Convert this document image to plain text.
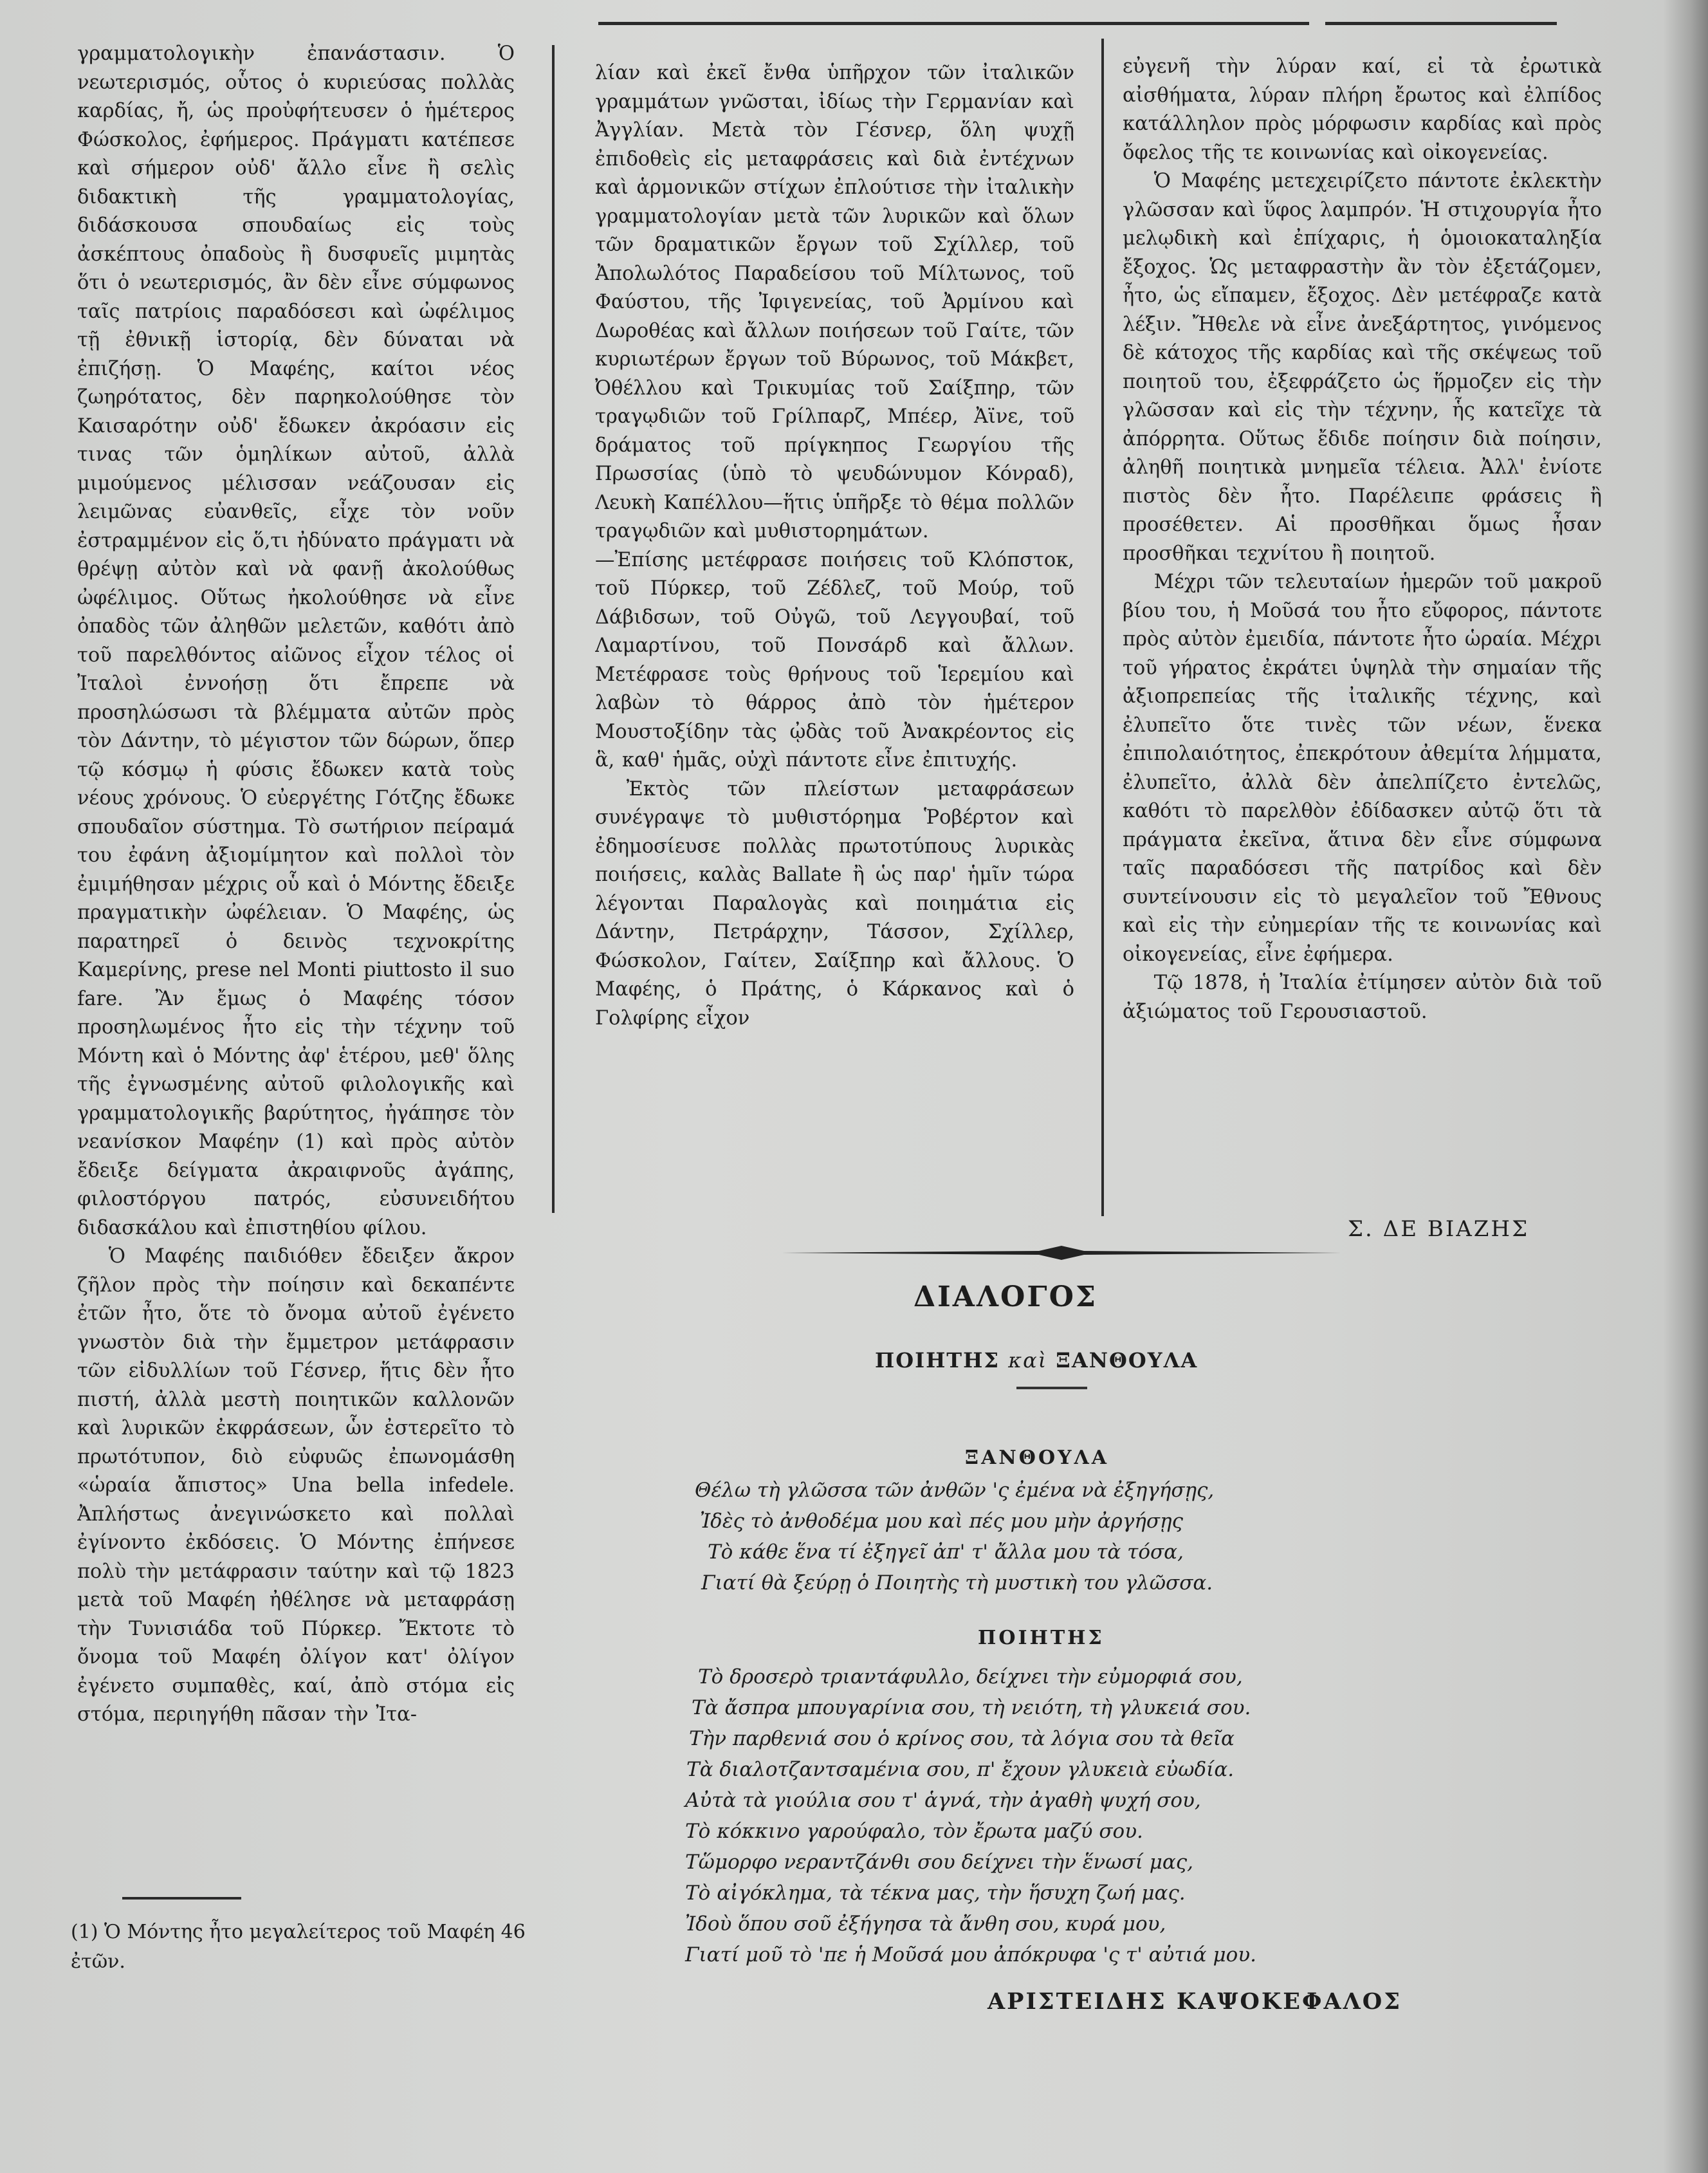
γραμματολογικὴν ἐπανάστασιν. Ὁ νεωτερισμός, οὗτος ὁ κυριεύσας πολλὰς καρδίας, ἤ, ὡς προὐφήτευσεν ὁ ἡμέτερος Φώσκολος, ἐφήμερος. Πράγματι κατέπεσε καὶ σήμερον οὐδ' ἄλλο εἶνε ἢ σελὶς διδακτικὴ τῆς γραμματολογίας, διδάσκουσα σπουδαίως εἰς τοὺς ἀσκέπτους ὀπαδοὺς ἢ δυσφυεῖς μιμητὰς ὅτι ὁ νεωτερισμός, ἂν δὲν εἶνε σύμφωνος ταῖς πατρίοις παραδόσεσι καὶ ὠφέλιμος τῇ ἐθνικῇ ἱστορίᾳ, δὲν δύναται νὰ ἐπιζήσῃ. Ὁ Μαφέης, καίτοι νέος ζωηρότατος, δὲν παρηκολούθησε τὸν Καισαρότην οὐδ' ἔδωκεν ἀκρόασιν εἰς τινας τῶν ὁμηλίκων αὐτοῦ, ἀλλὰ μιμούμενος μέλισσαν νεάζουσαν εἰς λειμῶνας εὐανθεῖς, εἶχε τὸν νοῦν ἐστραμμένον εἰς ὅ,τι ἠδύνατο πράγματι νὰ θρέψῃ αὐτὸν καὶ νὰ φανῇ ἀκολούθως ὠφέλιμος. Οὕτως ἠκολούθησε νὰ εἶνε ὀπαδὸς τῶν ἀληθῶν μελετῶν, καθότι ἀπὸ τοῦ παρελθόντος αἰῶνος εἶχον τέλος οἱ Ἰταλοὶ ἐννοήσῃ ὅτι ἔπρεπε νὰ προσηλώσωσι τὰ βλέμματα αὐτῶν πρὸς τὸν Δάντην, τὸ μέγιστον τῶν δώρων, ὅπερ τῷ κόσμῳ ἡ φύσις ἔδωκεν κατὰ τοὺς νέους χρόνους. Ὁ εὐεργέτης Γότζης ἔδωκε σπουδαῖον σύστημα. Τὸ σωτήριον πείραμά του ἐφάνη ἀξιομίμητον καὶ πολλοὶ τὸν ἐμιμήθησαν μέχρις οὗ καὶ ὁ Μόντης ἔδειξε πραγματικὴν ὠφέλειαν. Ὁ Μαφέης, ὡς παρατηρεῖ ὁ δεινὸς τεχνοκρίτης Καμερίνης, prese nel Monti piuttosto il suo fare. Ἂν ἔμως ὁ Μαφέης τόσον προσηλωμένος ἦτο εἰς τὴν τέχνην τοῦ Μόντη καὶ ὁ Μόντης ἀφ' ἑτέρου, μεθ' ὅλης τῆς ἐγνωσμένης αὐτοῦ φιλολογικῆς καὶ γραμματολογικῆς βαρύτητος, ἠγάπησε τὸν νεανίσκον Μαφέην (1) καὶ πρὸς αὐτὸν ἔδειξε δείγματα ἀκραιφνοῦς ἀγάπης, φιλοστόργου πατρός, εὐσυνειδήτου διδασκάλου καὶ ἐπιστηθίου φίλου.

Ὁ Μαφέης παιδιόθεν ἔδειξεν ἄκρον ζῆλον πρὸς τὴν ποίησιν καὶ δεκαπέντε ἐτῶν ἦτο, ὅτε τὸ ὄνομα αὐτοῦ ἐγένετο γνωστὸν διὰ τὴν ἔμμετρον μετάφρασιν τῶν εἰδυλλίων τοῦ Γέσνερ, ἥτις δὲν ἦτο πιστή, ἀλλὰ μεστὴ ποιητικῶν καλλονῶν καὶ λυρικῶν ἐκφράσεων, ὧν ἐστερεῖτο τὸ πρωτότυπον, διὸ εὐφυῶς ἐπωνομάσθη «ὡραία ἄπιστος» Una bella infedele. Ἀπλήστως ἀνεγινώσκετο καὶ πολλαὶ ἐγίνοντο ἐκδόσεις. Ὁ Μόντης ἐπήνεσε πολὺ τὴν μετάφρασιν ταύτην καὶ τῷ 1823 μετὰ τοῦ Μαφέη ἠθέλησε νὰ μεταφράσῃ τὴν Τυνισιάδα τοῦ Πύρκερ. Ἔκτοτε τὸ ὄνομα τοῦ Μαφέη ὀλίγον κατ' ὀλίγον ἐγένετο συμπαθὲς, καί, ἀπὸ στόμα εἰς στόμα, περιηγήθη πᾶσαν τὴν Ἰτα-

λίαν καὶ ἐκεῖ ἔνθα ὑπῆρχον τῶν ἰταλικῶν γραμμάτων γνῶσται, ἰδίως τὴν Γερμανίαν καὶ Ἀγγλίαν. Μετὰ τὸν Γέσνερ, ὅλη ψυχῇ ἐπιδοθεὶς εἰς μεταφράσεις καὶ διὰ ἐντέχνων καὶ ἁρμονικῶν στίχων ἐπλούτισε τὴν ἰταλικὴν γραμματολογίαν μετὰ τῶν λυρικῶν καὶ ὅλων τῶν δραματικῶν ἔργων τοῦ Σχίλλερ, τοῦ Ἀπολωλότος Παραδείσου τοῦ Μίλτωνος, τοῦ Φαύστου, τῆς Ἰφιγενείας, τοῦ Ἀρμίνου καὶ Δωροθέας καὶ ἄλλων ποιήσεων τοῦ Γαίτε, τῶν κυριωτέρων ἔργων τοῦ Βύρωνος, τοῦ Μάκβετ, Ὀθέλλου καὶ Τρικυμίας τοῦ Σαίξπηρ, τῶν τραγῳδιῶν τοῦ Γρίλπαρζ, Μπέερ, Ἀϊνε, τοῦ δράματος τοῦ πρίγκηπος Γεωργίου τῆς Πρωσσίας (ὑπὸ τὸ ψευδώνυμον Κόνραδ), Λευκὴ Καπέλλου—ἥτις ὑπῆρξε τὸ θέμα πολλῶν τραγῳδιῶν καὶ μυθιστορημάτων.

—Ἐπίσης μετέφρασε ποιήσεις τοῦ Κλόπστοκ, τοῦ Πύρκερ, τοῦ Ζέδλεζ, τοῦ Μούρ, τοῦ Δάβιδσων, τοῦ Οὐγῶ, τοῦ Λεγγουβαί, τοῦ Λαμαρτίνου, τοῦ Πονσάρδ καὶ ἄλλων. Μετέφρασε τοὺς θρήνους τοῦ Ἱερεμίου καὶ λαβὼν τὸ θάρρος ἀπὸ τὸν ἡμέτερον Μουστοξίδην τὰς ᾠδὰς τοῦ Ἀνακρέοντος εἰς ἃ, καθ' ἡμᾶς, οὐχὶ πάντοτε εἶνε ἐπιτυχής.

Ἐκτὸς τῶν πλείστων μεταφράσεων συνέγραψε τὸ μυθιστόρημα Ῥοβέρτον καὶ ἐδημοσίευσε πολλὰς πρωτοτύπους λυρικὰς ποιήσεις, καλὰς Ballate ἢ ὡς παρ' ἡμῖν τώρα λέγονται Παραλογὰς καὶ ποιημάτια εἰς Δάντην, Πετράρχην, Τάσσον, Σχίλλερ, Φώσκολον, Γαίτεν, Σαίξπηρ καὶ ἄλλους. Ὁ Μαφέης, ὁ Πράτης, ὁ Κάρκανος καὶ ὁ Γολφίρης εἶχον

εὐγενῆ τὴν λύραν καί, εἰ τὰ ἐρωτικὰ αἰσθήματα, λύραν πλήρη ἔρωτος καὶ ἐλπίδος κατάλληλον πρὸς μόρφωσιν καρδίας καὶ πρὸς ὄφελος τῆς τε κοινωνίας καὶ οἰκογενείας.

Ὁ Μαφέης μετεχειρίζετο πάντοτε ἐκλεκτὴν γλῶσσαν καὶ ὕφος λαμπρόν. Ἡ στιχουργία ἦτο μελῳδικὴ καὶ ἐπίχαρις, ἡ ὁμοιοκαταληξία ἔξοχος. Ὡς μεταφραστὴν ἂν τὸν ἐξετάζομεν, ἦτο, ὡς εἴπαμεν, ἔξοχος. Δὲν μετέφραζε κατὰ λέξιν. Ἤθελε νὰ εἶνε ἀνεξάρτητος, γινόμενος δὲ κάτοχος τῆς καρδίας καὶ τῆς σκέψεως τοῦ ποιητοῦ του, ἐξεφράζετο ὡς ἥρμοζεν εἰς τὴν γλῶσσαν καὶ εἰς τὴν τέχνην, ἧς κατεῖχε τὰ ἀπόρρητα. Οὕτως ἔδιδε ποίησιν διὰ ποίησιν, ἀληθῆ ποιητικὰ μνημεῖα τέλεια. Ἀλλ' ἐνίοτε πιστὸς δὲν ἦτο. Παρέλειπε φράσεις ἢ προσέθετεν. Αἱ προσθῆκαι ὅμως ἦσαν προσθῆκαι τεχνίτου ἢ ποιητοῦ.

Μέχρι τῶν τελευταίων ἡμερῶν τοῦ μακροῦ βίου του, ἡ Μοῦσά του ἦτο εὔφορος, πάντοτε πρὸς αὐτὸν ἐμειδία, πάντοτε ἦτο ὡραία. Μέχρι τοῦ γήρατος ἐκράτει ὑψηλὰ τὴν σημαίαν τῆς ἀξιοπρεπείας τῆς ἰταλικῆς τέχνης, καὶ ἐλυπεῖτο ὅτε τινὲς τῶν νέων, ἕνεκα ἐπιπολαιότητος, ἐπεκρότουν ἀθεμίτα λήμματα, ἐλυπεῖτο, ἀλλὰ δὲν ἀπελπίζετο ἐντελῶς, καθότι τὸ παρελθὸν ἐδίδασκεν αὐτῷ ὅτι τὰ πράγματα ἐκεῖνα, ἅτινα δὲν εἶνε σύμφωνα ταῖς παραδόσεσι τῆς πατρίδος καὶ δὲν συντείνουσιν εἰς τὸ μεγαλεῖον τοῦ Ἔθνους καὶ εἰς τὴν εὐημερίαν τῆς τε κοινωνίας καὶ οἰκογενείας, εἶνε ἐφήμερα.

Τῷ 1878, ἡ Ἰταλία ἐτίμησεν αὐτὸν διὰ τοῦ ἀξιώματος τοῦ Γερουσιαστοῦ.

Σ. ΔΕ ΒΙΑΖΗΣ
(1) Ὁ Μόντης ἦτο μεγαλείτερος τοῦ Μαφέη 46 ἐτῶν.
ΔΙΑΛΟΓΟΣ
ΠΟΙΗΤΗΣ καὶ ΞΑΝΘΟΥΛΑ
ΞΑΝΘΟΥΛΑ
Θέλω τὴ γλῶσσα τῶν ἀνθῶν 'ς ἐμένα νὰ ἐξηγήσῃς,
Ἰδὲς τὸ ἀνθοδέμα μου καὶ πές μου μὴν ἀργήσῃς
Τὸ κάθε ἕνα τί ἐξηγεῖ ἀπ' τ' ἄλλα μου τὰ τόσα,
Γιατί θὰ ξεύρῃ ὁ Ποιητὴς τὴ μυστικὴ του γλῶσσα.
ΠΟΙΗΤΗΣ
Τὸ δροσερὸ τριαντάφυλλο, δείχνει τὴν εὐμορφιά σου,
Τὰ ἄσπρα μπουγαρίνια σου, τὴ νειότη, τὴ γλυκειά σου.
Τὴν παρθενιά σου ὁ κρίνος σου, τὰ λόγια σου τὰ θεῖα
Τὰ διαλοτζαντσαμένια σου, π' ἔχουν γλυκειὰ εὐωδία.
Αὐτὰ τὰ γιούλια σου τ' ἁγνά, τὴν ἀγαθὴ ψυχή σου,
Τὸ κόκκινο γαρούφαλο, τὸν ἔρωτα μαζύ σου.
Τὥμορφο νεραντζάνθι σου δείχνει τὴν ἕνωσί μας,
Τὸ αἰγόκλημα, τὰ τέκνα μας, τὴν ἥσυχη ζωή μας.
Ἰδοὺ ὅπου σοῦ ἐξήγησα τὰ ἄνθη σου, κυρά μου,
Γιατί μοῦ τὸ 'πε ἡ Μοῦσά μου ἀπόκρυφα 'ς τ' αὐτιά μου.
ΑΡΙΣΤΕΙΔΗΣ ΚΑΨΟΚΕΦΑΛΟΣ
